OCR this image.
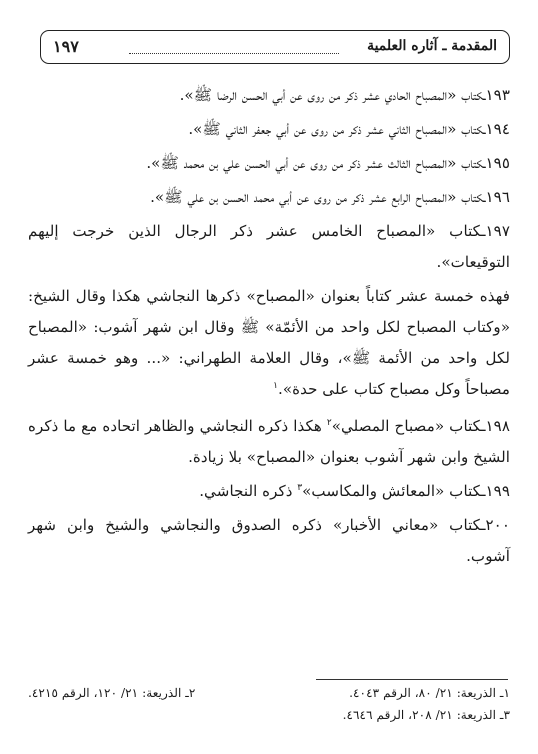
المقدمة ـ آثاره العلمية
١٩٧

١٩٣ـكتاب «المصباح الحادي عشر ذكر من روى عن أبي الحسن الرضا ﷺ».

١٩٤ـكتاب «المصباح الثاني عشر ذكر من روى عن أبي جعفر الثاني ﷺ».

١٩٥ـكتاب «المصباح الثالث عشر ذكر من روى عن أبي الحسن علي بن محمد ﷺ».

١٩٦ـكتاب «المصباح الرابع عشر ذكر من روى عن أبي محمد الحسن بن علي ﷺ».

١٩٧ـكتاب «المصباح الخامس عشر ذكر الرجال الذين خرجت إليهم التوقيعات».

فهذه خمسة عشر كتاباً بعنوان «المصباح» ذكرها النجاشي هكذا وقال الشيخ: «وكتاب المصباح لكل واحد من الأئمّة» ﷺ وقال ابن شهر آشوب: «المصباح لكل واحد من الأئمة ﷺ»، وقال العلامة الطهراني: «... وهو خمسة عشر مصباحاً وكل مصباح كتاب على حدة».$^١$

١٩٨ـكتاب «مصباح المصلي»$^٢$ هكذا ذكره النجاشي والظاهر اتحاده مع ما ذكره الشيخ وابن شهر آشوب بعنوان «المصباح» بلا زيادة.

١٩٩ـكتاب «المعائش والمكاسب»$^٣$ ذكره النجاشي.

٢٠٠ـكتاب «معاني الأخبار» ذكره الصدوق والنجاشي والشيخ وابن شهر آشوب.

١ـ الذريعة: ٢١/ ٨٠، الرقم ٤٠٤٣.
٢ـ الذريعة: ٢١/ ١٢٠، الرقم ٤٢١٥.
٣ـ الذريعة: ٢١/ ٢٠٨، الرقم ٤٦٤٦.
